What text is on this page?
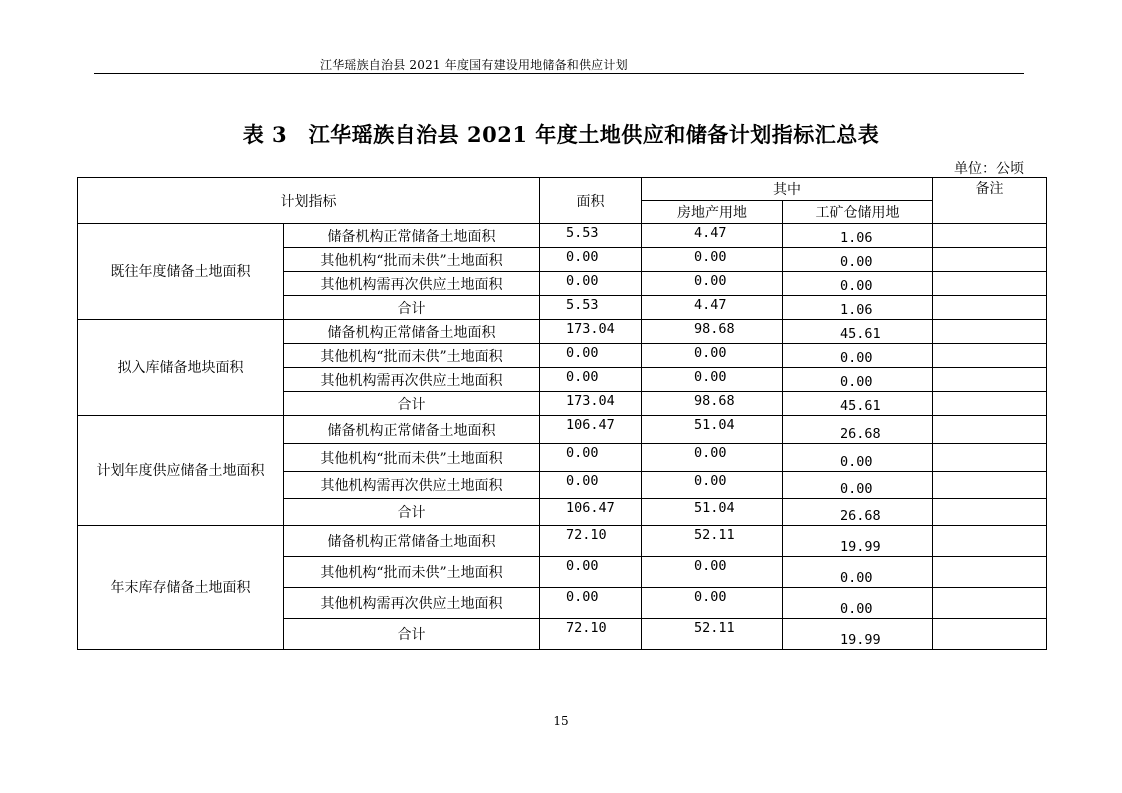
江华瑶族自治县 2021 年度国有建设用地储备和供应计划
表 3　江华瑶族自治县 2021 年度土地供应和储备计划指标汇总表
单位：公顷
计划指标		面积	其中		备注
			房地产用地	工矿仓储用地	
既往年度储备土地面积	储备机构正常储备土地面积	5.53	4.47	1.06	
	其他机构“批而未供”土地面积	0.00	0.00	0.00	
	其他机构需再次供应土地面积	0.00	0.00	0.00	
	合计	5.53	4.47	1.06	
拟入库储备地块面积	储备机构正常储备土地面积	173.04	98.68	45.61	
	其他机构“批而未供”土地面积	0.00	0.00	0.00	
	其他机构需再次供应土地面积	0.00	0.00	0.00	
	合计	173.04	98.68	45.61	
计划年度供应储备土地面积	储备机构正常储备土地面积	106.47	51.04	26.68	
	其他机构“批而未供”土地面积	0.00	0.00	0.00	
	其他机构需再次供应土地面积	0.00	0.00	0.00	
	合计	106.47	51.04	26.68	
年末库存储备土地面积	储备机构正常储备土地面积	72.10	52.11	19.99	
	其他机构“批而未供”土地面积	0.00	0.00	0.00	
	其他机构需再次供应土地面积	0.00	0.00	0.00	
	合计	72.10	52.11	19.99	
15
